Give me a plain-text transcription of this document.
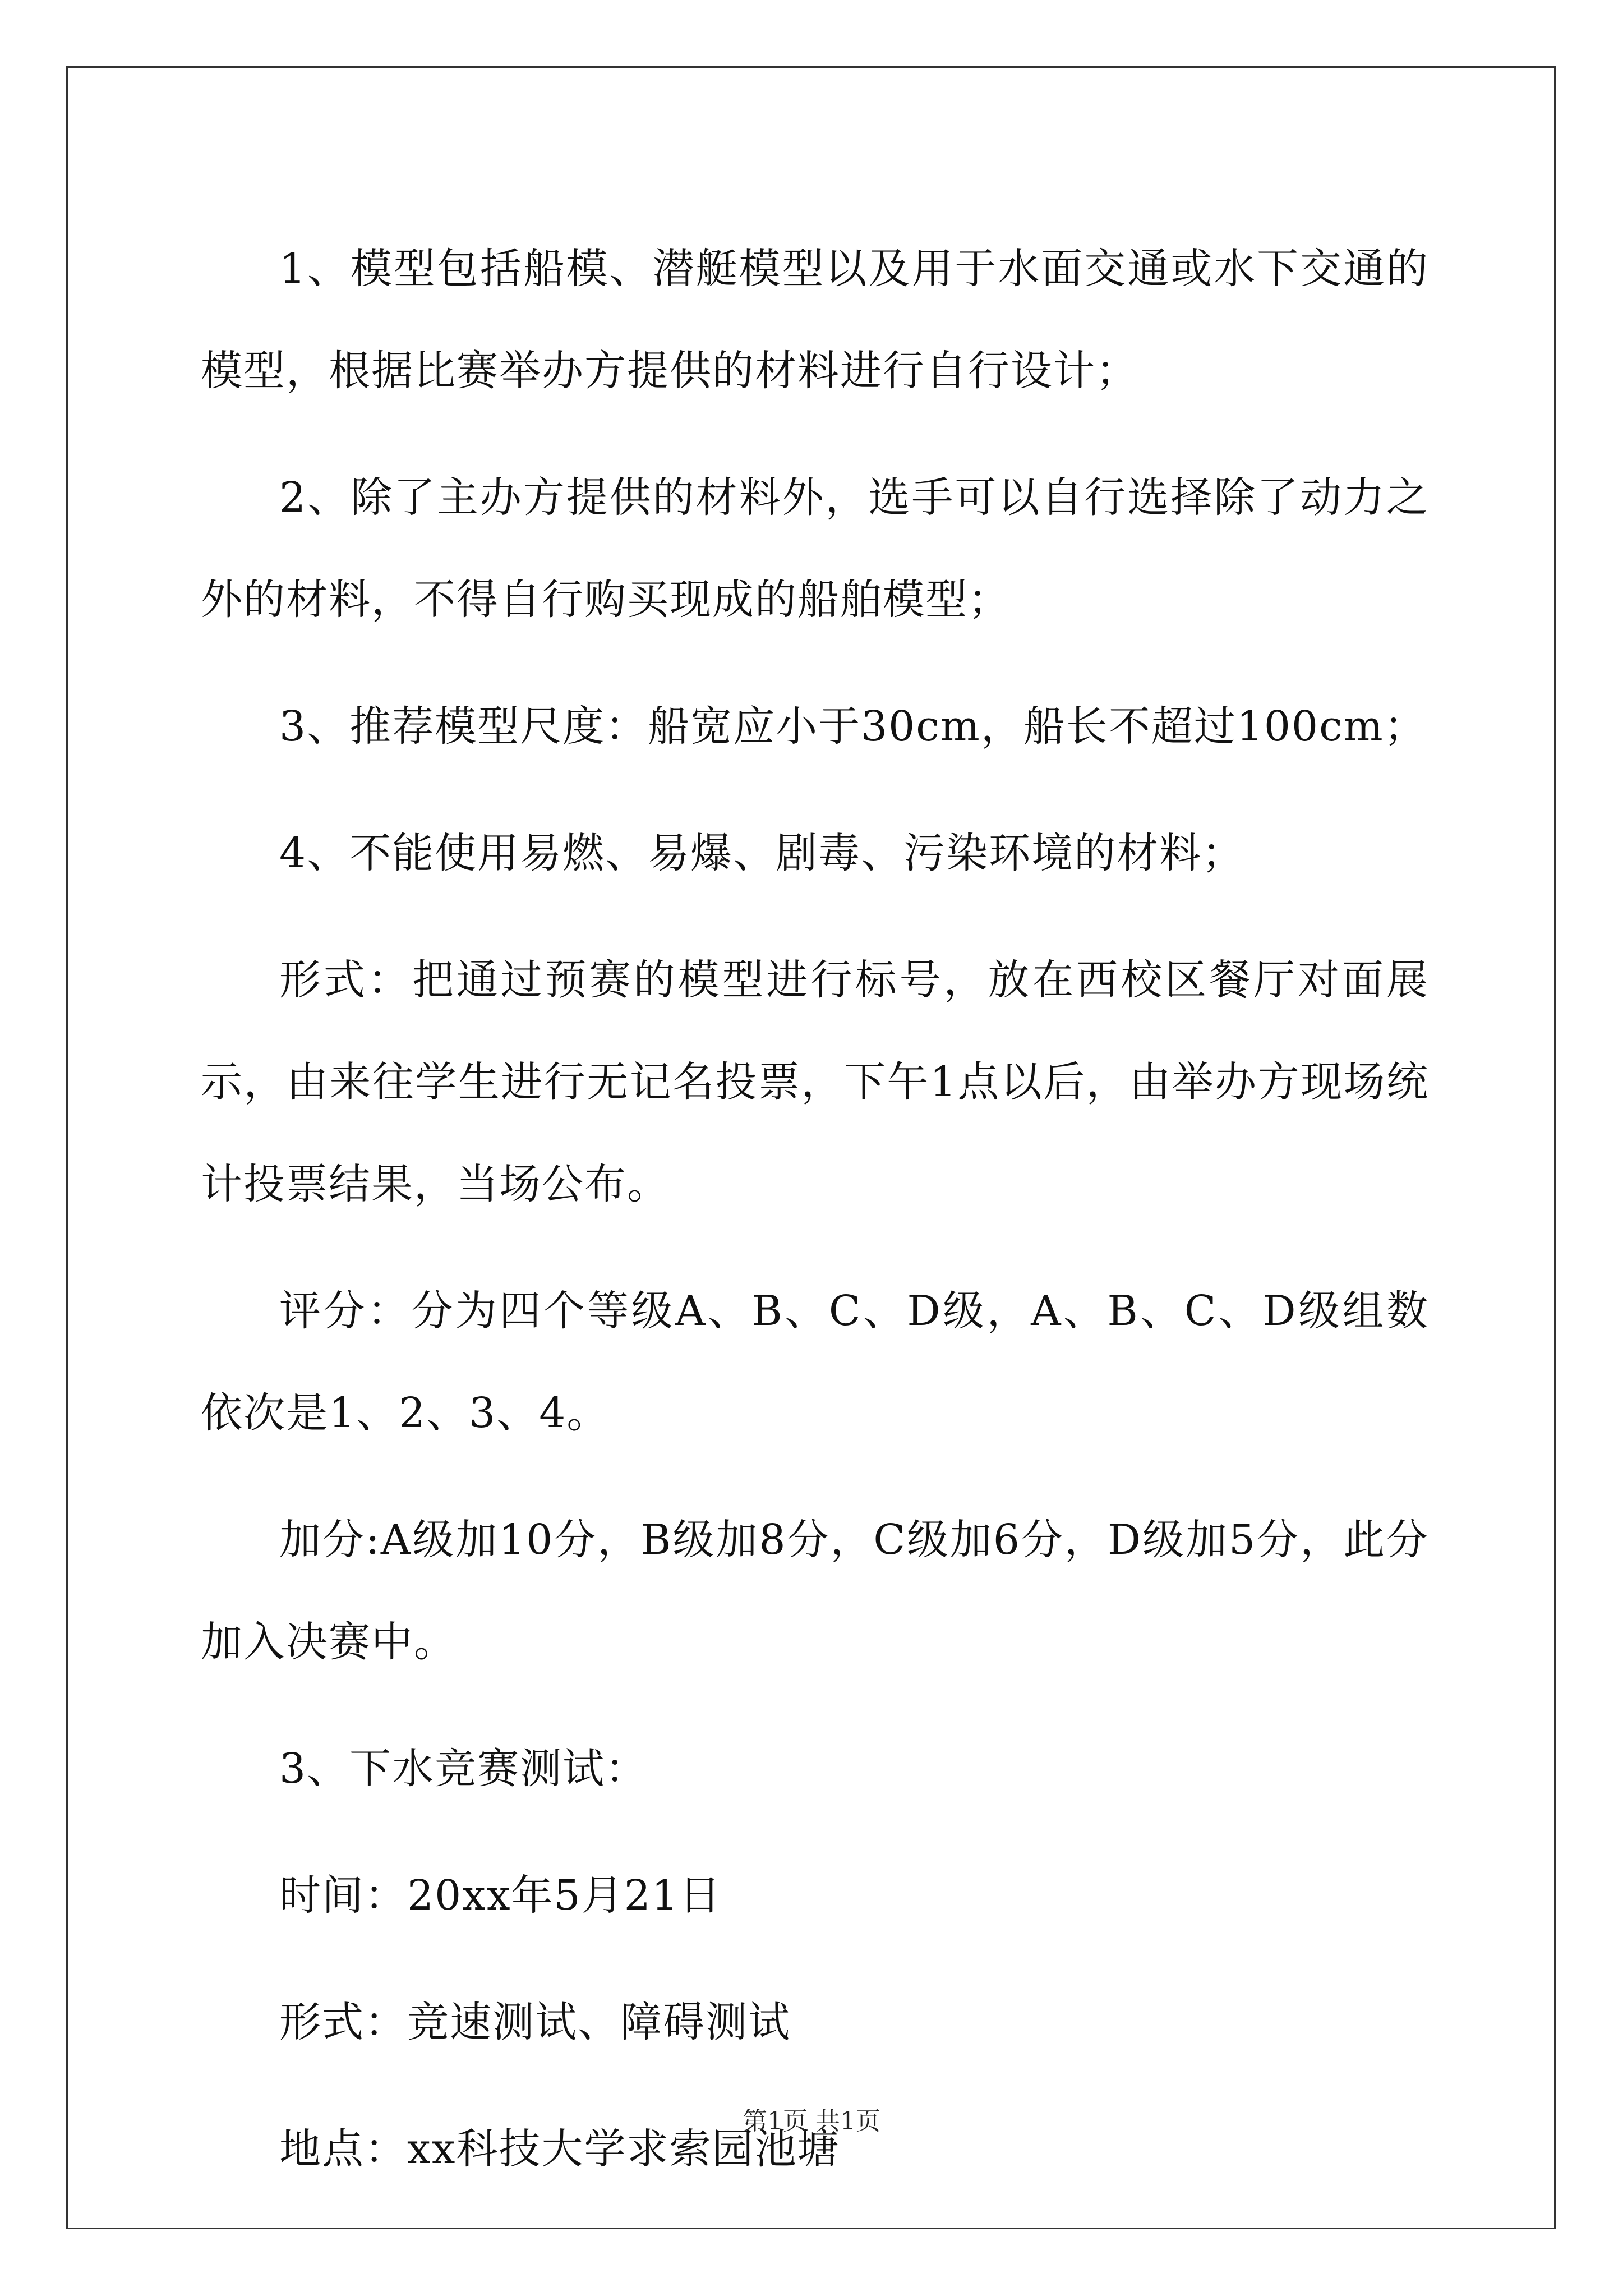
1、模型包括船模、潜艇模型以及用于水面交通或水下交通的模型，根据比赛举办方提供的材料进行自行设计；

2、除了主办方提供的材料外，选手可以自行选择除了动力之外的材料，不得自行购买现成的船舶模型；

3、推荐模型尺度：船宽应小于30cm，船长不超过100cm；

4、不能使用易燃、易爆、剧毒、污染环境的材料；

形式：把通过预赛的模型进行标号，放在西校区餐厅对面展示，由来往学生进行无记名投票，下午1点以后，由举办方现场统计投票结果，当场公布。

评分：分为四个等级A、B、C、D级，A、B、C、D级组数依次是1、2、3、4。

加分:A级加10分，B级加8分，C级加6分，D级加5分，此分加入决赛中。

3、下水竞赛测试：

时间：20xx年5月21日

形式：竞速测试、障碍测试

地点：xx科技大学求索园池塘

第1页 共1页
